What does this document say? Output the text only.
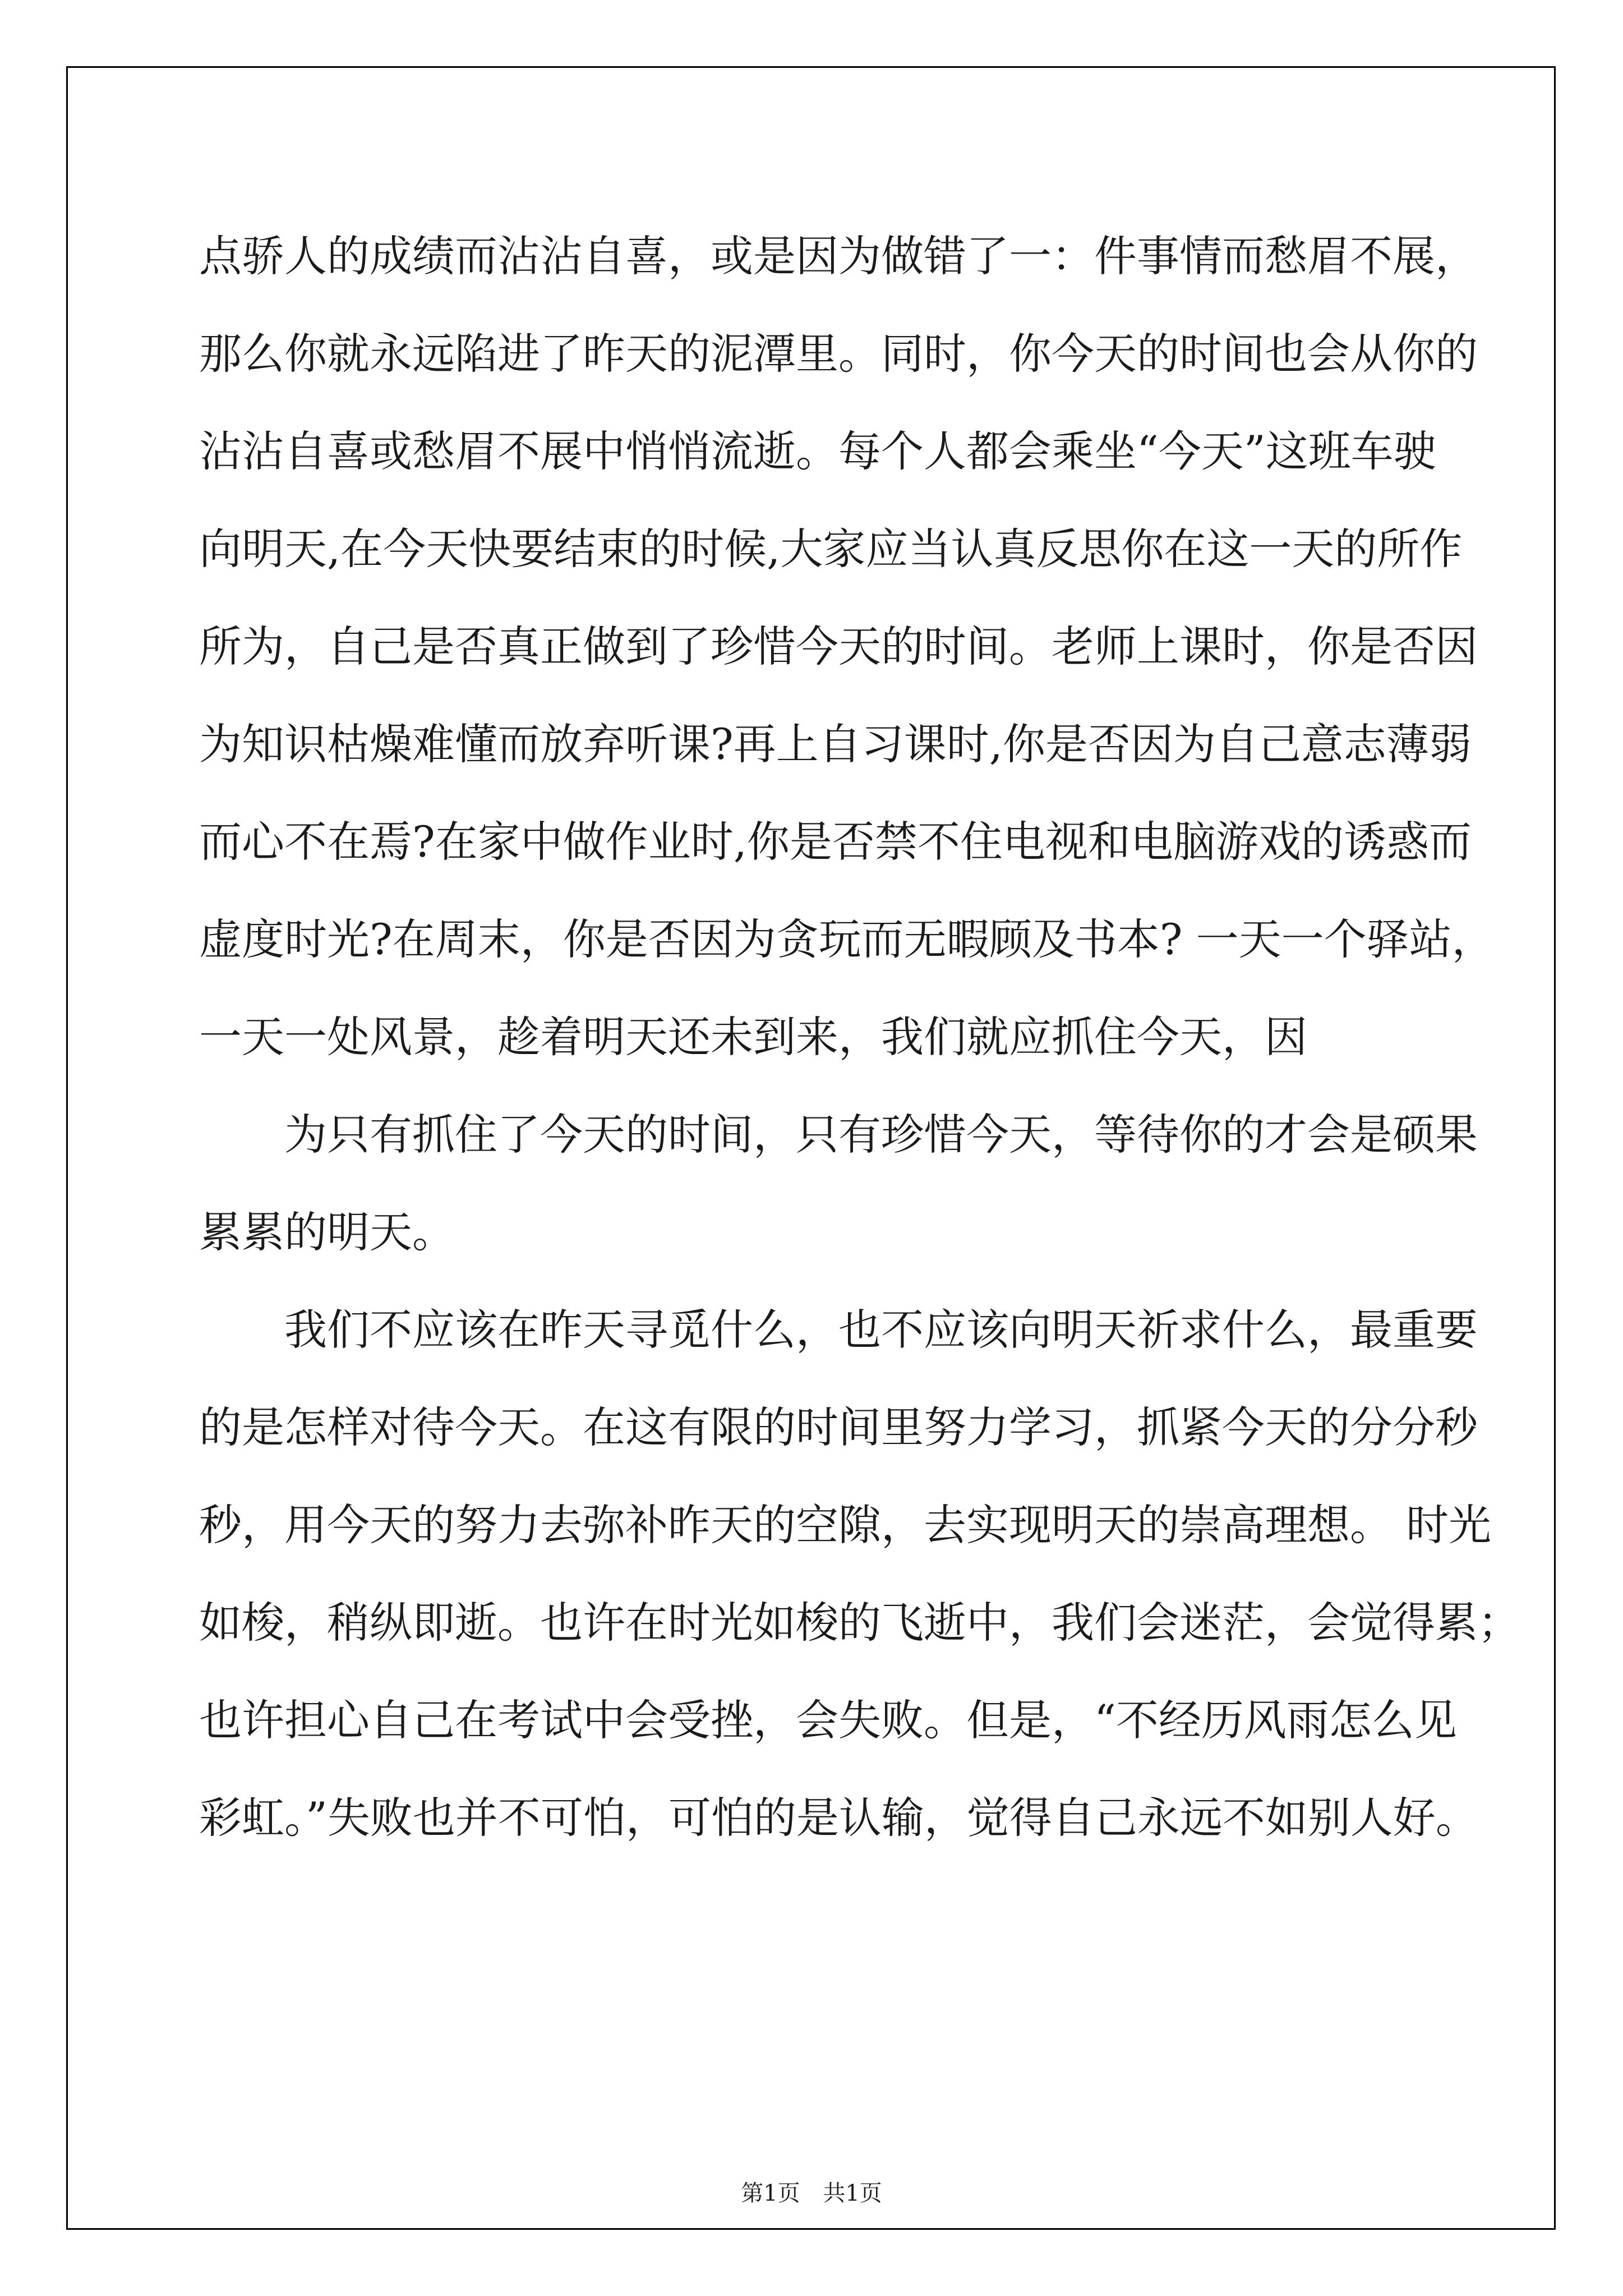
点骄人的成绩而沾沾自喜，或是因为做错了一：件事情而愁眉不展，
那么你就永远陷进了昨天的泥潭里。同时，你今天的时间也会从你的
沾沾自喜或愁眉不展中悄悄流逝。每个人都会乘坐“今天”这班车驶
向明天,在今天快要结束的时候,大家应当认真反思你在这一天的所作
所为，自己是否真正做到了珍惜今天的时间。老师上课时，你是否因
为知识枯燥难懂而放弃听课?再上自习课时,你是否因为自己意志薄弱
而心不在焉?在家中做作业时,你是否禁不住电视和电脑游戏的诱惑而
虚度时光?在周末，你是否因为贪玩而无暇顾及书本? 一天一个驿站，
一天一处风景，趁着明天还未到来，我们就应抓住今天，因
为只有抓住了今天的时间，只有珍惜今天，等待你的才会是硕果
累累的明天。
我们不应该在昨天寻觅什么，也不应该向明天祈求什么，最重要
的是怎样对待今天。在这有限的时间里努力学习，抓紧今天的分分秒
秒，用今天的努力去弥补昨天的空隙，去实现明天的崇高理想。 时光
如梭，稍纵即逝。也许在时光如梭的飞逝中，我们会迷茫，会觉得累；
也许担心自己在考试中会受挫，会失败。但是，“不经历风雨怎么见
彩虹。”失败也并不可怕，可怕的是认输，觉得自己永远不如别人好。
第1页 共1页
